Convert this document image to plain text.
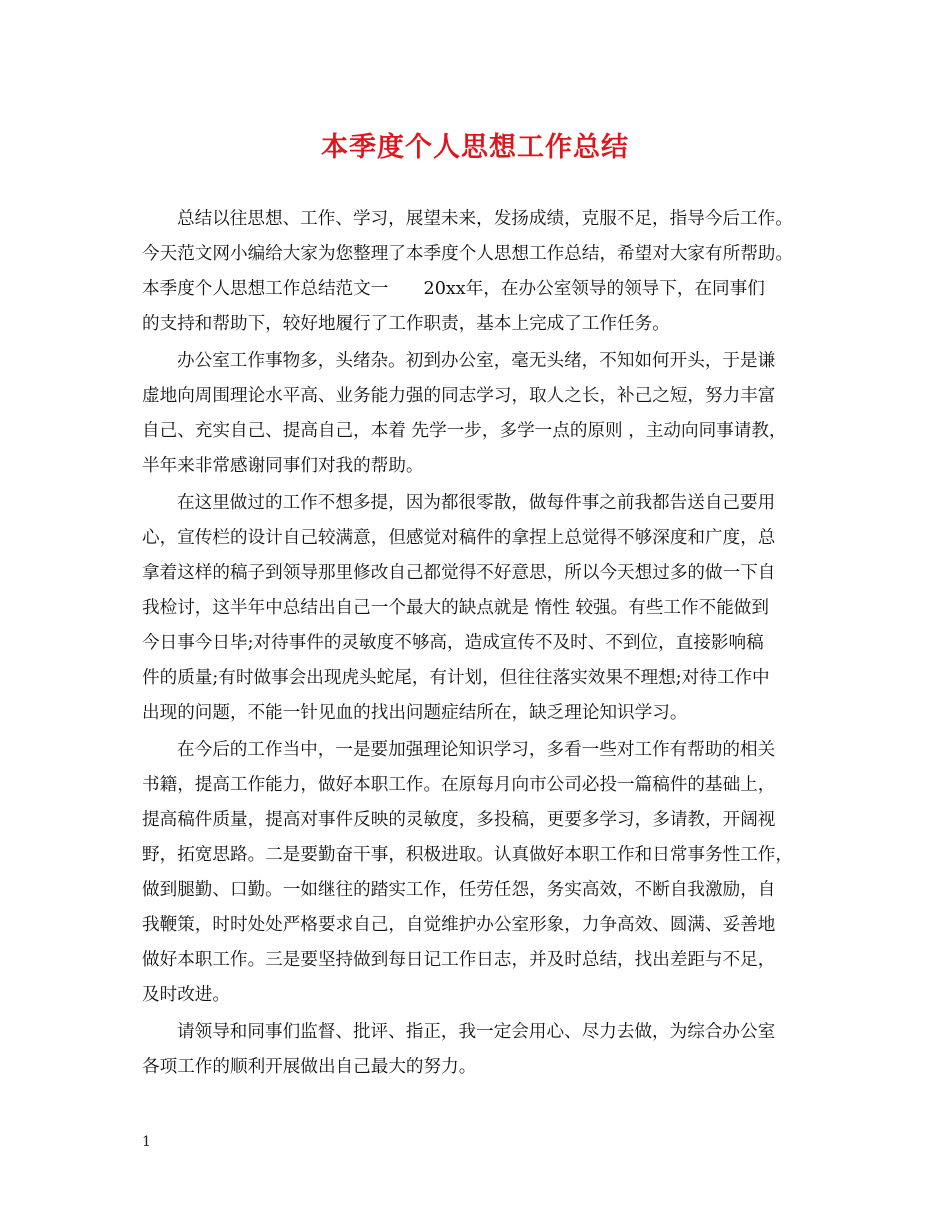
本季度个人思想工作总结
总结以往思想、工作、学习，展望未来，发扬成绩，克服不足，指导今后工作。
今天范文网小编给大家为您整理了本季度个人思想工作总结，希望对大家有所帮助。
本季度个人思想工作总结范文一　　20xx年，在办公室领导的领导下，在同事们
的支持和帮助下，较好地履行了工作职责，基本上完成了工作任务。
办公室工作事物多，头绪杂。初到办公室，毫无头绪，不知如何开头，于是谦
虚地向周围理论水平高、业务能力强的同志学习，取人之长，补己之短，努力丰富
自己、充实自己、提高自己，本着 先学一步，多学一点的原则 ，主动向同事请教，
半年来非常感谢同事们对我的帮助。
在这里做过的工作不想多提，因为都很零散，做每件事之前我都告送自己要用
心，宣传栏的设计自己较满意，但感觉对稿件的拿捏上总觉得不够深度和广度，总
拿着这样的稿子到领导那里修改自己都觉得不好意思，所以今天想过多的做一下自
我检讨，这半年中总结出自己一个最大的缺点就是 惰性 较强。有些工作不能做到
今日事今日毕;对待事件的灵敏度不够高，造成宣传不及时、不到位，直接影响稿
件的质量;有时做事会出现虎头蛇尾，有计划，但往往落实效果不理想;对待工作中
出现的问题，不能一针见血的找出问题症结所在，缺乏理论知识学习。
在今后的工作当中，一是要加强理论知识学习，多看一些对工作有帮助的相关
书籍，提高工作能力，做好本职工作。在原每月向市公司必投一篇稿件的基础上，
提高稿件质量，提高对事件反映的灵敏度，多投稿，更要多学习，多请教，开阔视
野，拓宽思路。二是要勤奋干事，积极进取。认真做好本职工作和日常事务性工作，
做到腿勤、口勤。一如继往的踏实工作，任劳任怨，务实高效，不断自我激励，自
我鞭策，时时处处严格要求自己，自觉维护办公室形象，力争高效、圆满、妥善地
做好本职工作。三是要坚持做到每日记工作日志，并及时总结，找出差距与不足，
及时改进。
请领导和同事们监督、批评、指正，我一定会用心、尽力去做，为综合办公室
各项工作的顺利开展做出自己最大的努力。
1
